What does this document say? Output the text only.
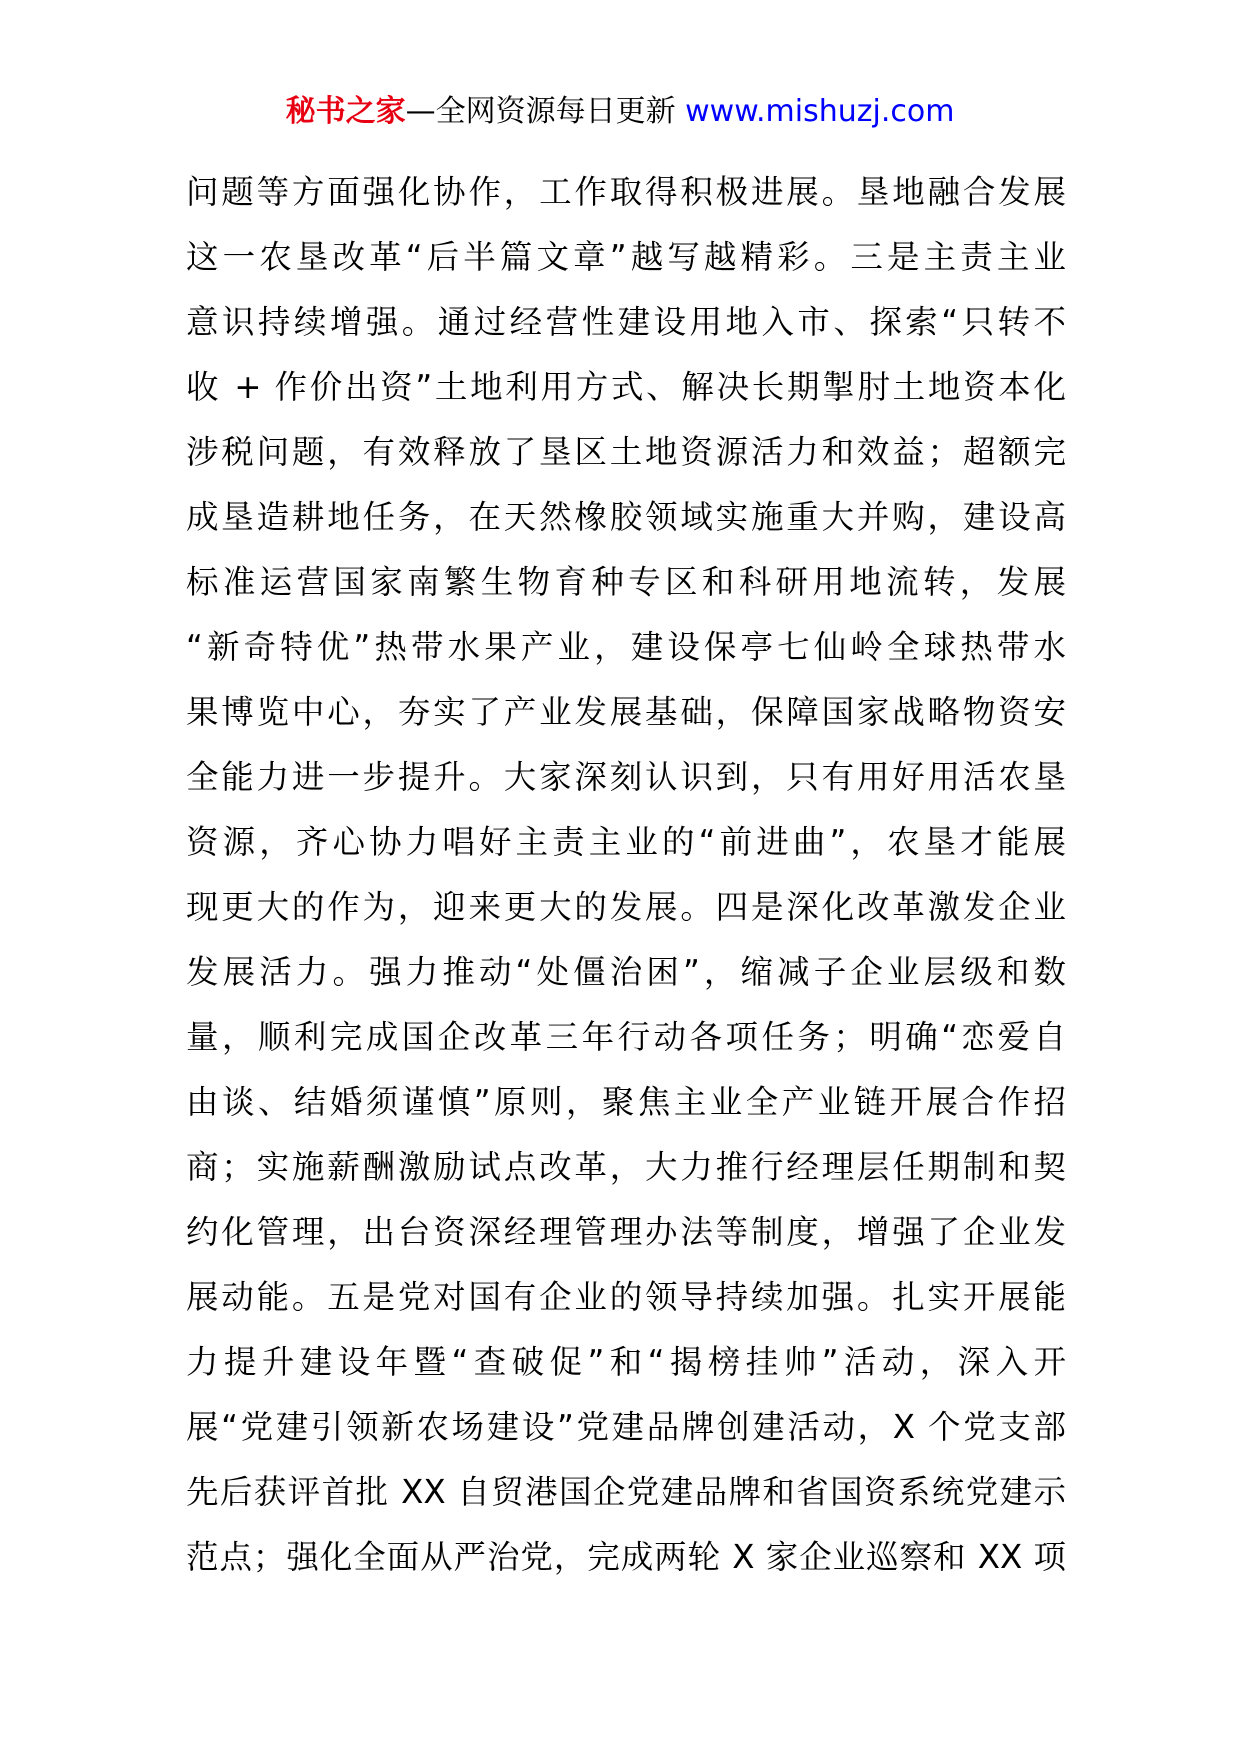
秘书之家—全网资源每日更新 www.mishuzj.com
问题等方面强化协作，工作取得积极进展。垦地融合发展
这一农垦改革“后半篇文章”越写越精彩。三是主责主业
意识持续增强。通过经营性建设用地入市、探索“只转不
收 + 作价出资”土地利用方式、解决长期掣肘土地资本化
涉税问题，有效释放了垦区土地资源活力和效益；超额完
成垦造耕地任务，在天然橡胶领域实施重大并购，建设高
标准运营国家南繁生物育种专区和科研用地流转，发展
“新奇特优”热带水果产业，建设保亭七仙岭全球热带水
果博览中心，夯实了产业发展基础，保障国家战略物资安
全能力进一步提升。大家深刻认识到，只有用好用活农垦
资源，齐心协力唱好主责主业的“前进曲”，农垦才能展
现更大的作为，迎来更大的发展。四是深化改革激发企业
发展活力。强力推动“处僵治困”，缩减子企业层级和数
量，顺利完成国企改革三年行动各项任务；明确“恋爱自
由谈、结婚须谨慎”原则，聚焦主业全产业链开展合作招
商；实施薪酬激励试点改革，大力推行经理层任期制和契
约化管理，出台资深经理管理办法等制度，增强了企业发
展动能。五是党对国有企业的领导持续加强。扎实开展能
力提升建设年暨“查破促”和“揭榜挂帅”活动，深入开
展“党建引领新农场建设”党建品牌创建活动，X 个党支部
先后获评首批 XX 自贸港国企党建品牌和省国资系统党建示
范点；强化全面从严治党，完成两轮 X 家企业巡察和 XX 项
